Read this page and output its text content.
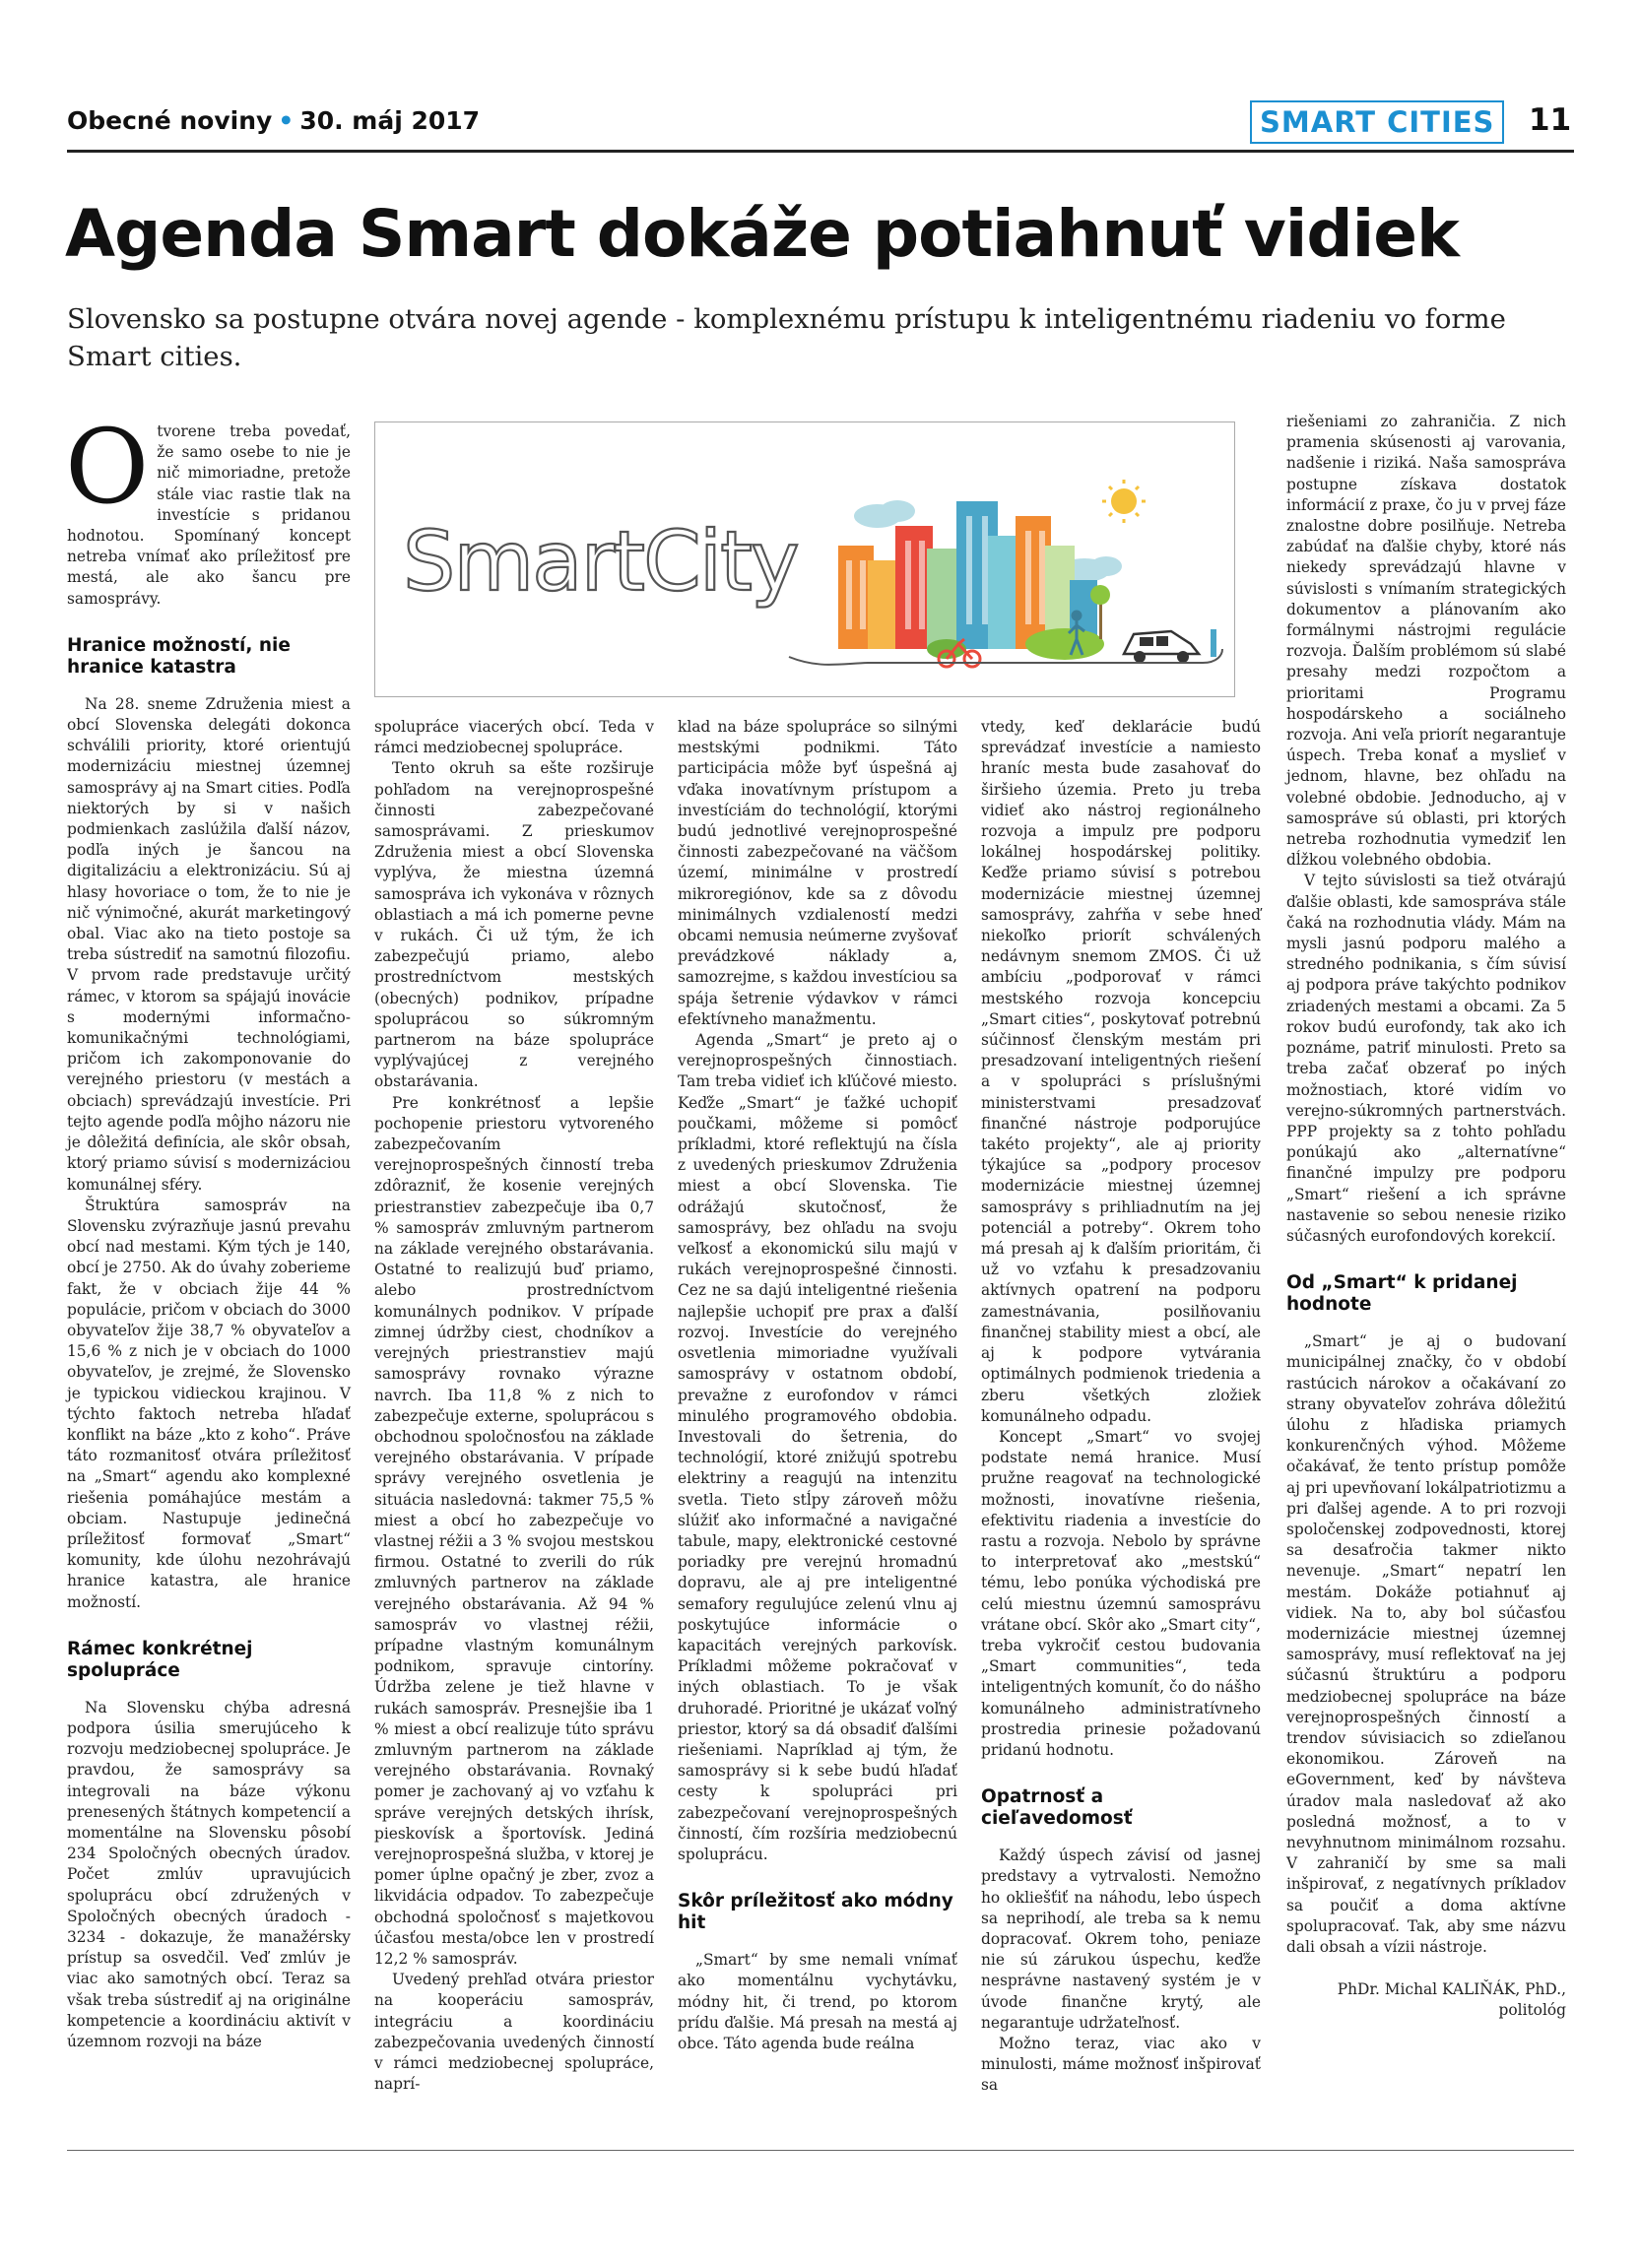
Obecné noviny • 30. máj 2017	SMART CITIES	11
Agenda Smart dokáže potiahnuť vidiek
Slovensko sa postupne otvára novej agende - komplexnému prístupu k inteligentnému riadeniu vo forme Smart cities.
SmartCity

Otvorene treba povedať, že samo osebe to nie je nič mimoriadne, pretože stále viac rastie tlak na investície s pridanou hodnotou. Spomínaný koncept netreba vnímať ako príležitosť pre mestá, ale ako šancu pre samosprávy.

Hranice možností, nie hranice katastra

Na 28. sneme Združenia miest a obcí Slovenska delegáti dokonca schválili priority, ktoré orientujú modernizáciu miestnej územnej samosprávy aj na Smart cities. Podľa niektorých by si v našich podmienkach zaslúžila ďalší názov, podľa iných je šancou na digitalizáciu a elektronizáciu. Sú aj hlasy hovoriace o tom, že to nie je nič výnimočné, akurát marketingový obal. Viac ako na tieto postoje sa treba sústrediť na samotnú filozofiu. V prvom rade predstavuje určitý rámec, v ktorom sa spájajú inovácie s modernými informačno-komunikačnými technológiami, pričom ich zakomponovanie do verejného priestoru (v mestách a obciach) sprevádzajú investície. Pri tejto agende podľa môjho názoru nie je dôležitá definícia, ale skôr obsah, ktorý priamo súvisí s modernizáciou komunálnej sféry.

Štruktúra samospráv na Slovensku zvýrazňuje jasnú prevahu obcí nad mestami. Kým tých je 140, obcí je 2750. Ak do úvahy zoberieme fakt, že v obciach žije 44 % populácie, pričom v obciach do 3000 obyvateľov žije 38,7 % obyvateľov a 15,6 % z nich je v obciach do 1000 obyvateľov, je zrejmé, že Slovensko je typickou vidieckou krajinou. V týchto faktoch netreba hľadať konflikt na báze „kto z koho“. Práve táto rozmanitosť otvára príležitosť na „Smart“ agendu ako komplexné riešenia pomáhajúce mestám a obciam. Nastupuje jedinečná príležitosť formovať „Smart“ komunity, kde úlohu nezohrávajú hranice katastra, ale hranice možností.

Rámec konkrétnej spolupráce

Na Slovensku chýba adresná podpora úsilia smerujúceho k rozvoju medziobecnej spolupráce. Je pravdou, že samosprávy sa integrovali na báze výkonu prenesených štátnych kompetencií a momentálne na Slovensku pôsobí 234 Spoločných obecných úradov. Počet zmlúv upravujúcich spoluprácu obcí združených v Spoločných obecných úradoch - 3234 - dokazuje, že manažérsky prístup sa osvedčil. Veď zmlúv je viac ako samotných obcí. Teraz sa však treba sústrediť aj na originálne kompetencie a koordináciu aktivít v územnom rozvoji na báze

spolupráce viacerých obcí. Teda v rámci medziobecnej spolupráce.

Tento okruh sa ešte rozširuje pohľadom na verejnoprospešné činnosti zabezpečované samosprávami. Z prieskumov Združenia miest a obcí Slovenska vyplýva, že miestna územná samospráva ich vykonáva v rôznych oblastiach a má ich pomerne pevne v rukách. Či už tým, že ich zabezpečujú priamo, alebo prostredníctvom mestských (obecných) podnikov, prípadne spoluprácou so súkromným partnerom na báze spolupráce vyplývajúcej z verejného obstarávania.

Pre konkrétnosť a lepšie pochopenie priestoru vytvoreného zabezpečovaním verejnoprospešných činností treba zdôrazniť, že kosenie verejných priestranstiev zabezpečuje iba 0,7 % samospráv zmluvným partnerom na základe verejného obstarávania. Ostatné to realizujú buď priamo, alebo prostredníctvom komunálnych podnikov. V prípade zimnej údržby ciest, chodníkov a verejných priestranstiev majú samosprávy rovnako výrazne navrch. Iba 11,8 % z nich to zabezpečuje externe, spoluprácou s obchodnou spoločnosťou na základe verejného obstarávania. V prípade správy verejného osvetlenia je situácia nasledovná: takmer 75,5 % miest a obcí ho zabezpečuje vo vlastnej réžii a 3 % svojou mestskou firmou. Ostatné to zverili do rúk zmluvných partnerov na základe verejného obstarávania. Až 94 % samospráv vo vlastnej réžii, prípadne vlastným komunálnym podnikom, spravuje cintoríny. Údržba zelene je tiež hlavne v rukách samospráv. Presnejšie iba 1 % miest a obcí realizuje túto správu zmluvným partnerom na základe verejného obstarávania. Rovnaký pomer je zachovaný aj vo vzťahu k správe verejných detských ihrísk, pieskovísk a športovísk. Jediná verejnoprospešná služba, v ktorej je pomer úplne opačný je zber, zvoz a likvidácia odpadov. To zabezpečuje obchodná spoločnosť s majetkovou účasťou mesta/obce len v prostredí 12,2 % samospráv.

Uvedený prehľad otvára priestor na kooperáciu samospráv, integráciu a koordináciu zabezpečovania uvedených činností v rámci medziobecnej spolupráce, naprí-

klad na báze spolupráce so silnými mestskými podnikmi. Táto participácia môže byť úspešná aj vďaka inovatívnym prístupom a investíciám do technológií, ktorými budú jednotlivé verejnoprospešné činnosti zabezpečované na väčšom území, minimálne v prostredí mikroregiónov, kde sa z dôvodu minimálnych vzdialeností medzi obcami nemusia neúmerne zvyšovať prevádzkové náklady a, samozrejme, s každou investíciou sa spája šetrenie výdavkov v rámci efektívneho manažmentu.

Agenda „Smart“ je preto aj o verejnoprospešných činnostiach. Tam treba vidieť ich kľúčové miesto. Keďže „Smart“ je ťažké uchopiť poučkami, môžeme si pomôcť príkladmi, ktoré reflektujú na čísla z uvedených prieskumov Združenia miest a obcí Slovenska. Tie odrážajú skutočnosť, že samosprávy, bez ohľadu na svoju veľkosť a ekonomickú silu majú v rukách verejnoprospešné činnosti. Cez ne sa dajú inteligentné riešenia najlepšie uchopiť pre prax a ďalší rozvoj. Investície do verejného osvetlenia mimoriadne využívali samosprávy v ostatnom období, prevažne z eurofondov v rámci minulého programového obdobia. Investovali do šetrenia, do technológií, ktoré znižujú spotrebu elektriny a reagujú na intenzitu svetla. Tieto stĺpy zároveň môžu slúžiť ako informačné a navigačné tabule, mapy, elektronické cestovné poriadky pre verejnú hromadnú dopravu, ale aj pre inteligentné semafory regulujúce zelenú vlnu aj poskytujúce informácie o kapacitách verejných parkovísk. Príkladmi môžeme pokračovať v iných oblastiach. To je však druhoradé. Prioritné je ukázať voľný priestor, ktorý sa dá obsadiť ďalšími riešeniami. Napríklad aj tým, že samosprávy si k sebe budú hľadať cesty k spolupráci pri zabezpečovaní verejnoprospešných činností, čím rozšíria medziobecnú spoluprácu.

Skôr príležitosť ako módny hit

„Smart“ by sme nemali vnímať ako momentálnu vychytávku, módny hit, či trend, po ktorom prídu ďalšie. Má presah na mestá aj obce. Táto agenda bude reálna

vtedy, keď deklarácie budú sprevádzať investície a namiesto hraníc mesta bude zasahovať do širšieho územia. Preto ju treba vidieť ako nástroj regionálneho rozvoja a impulz pre podporu lokálnej hospodárskej politiky. Keďže priamo súvisí s potrebou modernizácie miestnej územnej samosprávy, zahŕňa v sebe hneď niekoľko priorít schválených nedávnym snemom ZMOS. Či už ambíciu „podporovať v rámci mestského rozvoja koncepciu „Smart cities“, poskytovať potrebnú súčinnosť členským mestám pri presadzovaní inteligentných riešení a v spolupráci s príslušnými ministerstvami presadzovať finančné nástroje podporujúce takéto projekty“, ale aj priority týkajúce sa „podpory procesov modernizácie miestnej územnej samosprávy s prihliadnutím na jej potenciál a potreby“. Okrem toho má presah aj k ďalším prioritám, či už vo vzťahu k presadzovaniu aktívnych opatrení na podporu zamestnávania, posilňovaniu finančnej stability miest a obcí, ale aj k podpore vytvárania optimálnych podmienok triedenia a zberu všetkých zložiek komunálneho odpadu.

Koncept „Smart“ vo svojej podstate nemá hranice. Musí pružne reagovať na technologické možnosti, inovatívne riešenia, efektivitu riadenia a investície do rastu a rozvoja. Nebolo by správne to interpretovať ako „mestskú“ tému, lebo ponúka východiská pre celú miestnu územnú samosprávu vrátane obcí. Skôr ako „Smart city“, treba vykročiť cestou budovania „Smart communities“, teda inteligentných komunít, čo do nášho komunálneho administratívneho prostredia prinesie požadovanú pridanú hodnotu.

Opatrnosť a cieľavedomosť

Každý úspech závisí od jasnej predstavy a vytrvalosti. Nemožno ho okliešťiť na náhodu, lebo úspech sa neprihodí, ale treba sa k nemu dopracovať. Okrem toho, peniaze nie sú zárukou úspechu, keďže nesprávne nastavený systém je v úvode finančne krytý, ale negarantuje udržateľnosť.

Možno teraz, viac ako v minulosti, máme možnosť inšpirovať sa

riešeniami zo zahraničia. Z nich pramenia skúsenosti aj varovania, nadšenie i riziká. Naša samospráva postupne získava dostatok informácií z praxe, čo ju v prvej fáze znalostne dobre posilňuje. Netreba zabúdať na ďalšie chyby, ktoré nás niekedy sprevádzajú hlavne v súvislosti s vnímaním strategických dokumentov a plánovaním ako formálnymi nástrojmi regulácie rozvoja. Ďalším problémom sú slabé presahy medzi rozpočtom a prioritami Programu hospodárskeho a sociálneho rozvoja. Ani veľa priorít negarantuje úspech. Treba konať a myslieť v jednom, hlavne, bez ohľadu na volebné obdobie. Jednoducho, aj v samospráve sú oblasti, pri ktorých netreba rozhodnutia vymedziť len dĺžkou volebného obdobia.

V tejto súvislosti sa tiež otvárajú ďalšie oblasti, kde samospráva stále čaká na rozhodnutia vlády. Mám na mysli jasnú podporu malého a stredného podnikania, s čím súvisí aj podpora práve takýchto podnikov zriadených mestami a obcami. Za 5 rokov budú eurofondy, tak ako ich poznáme, patriť minulosti. Preto sa treba začať obzerať po iných možnostiach, ktoré vidím vo verejno-súkromných partnerstvách. PPP projekty sa z tohto pohľadu ponúkajú ako „alternatívne“ finančné impulzy pre podporu „Smart“ riešení a ich správne nastavenie so sebou nenesie riziko súčasných eurofondových korekcií.

Od „Smart“ k pridanej hodnote

„Smart“ je aj o budovaní municipálnej značky, čo v období rastúcich nárokov a očakávaní zo strany obyvateľov zohráva dôležitú úlohu z hľadiska priamych konkurenčných výhod. Môžeme očakávať, že tento prístup pomôže aj pri upevňovaní lokálpatriotizmu a pri ďalšej agende. A to pri rozvoji spoločenskej zodpovednosti, ktorej sa desaťročia takmer nikto nevenuje. „Smart“ nepatrí len mestám. Dokáže potiahnuť aj vidiek. Na to, aby bol súčasťou modernizácie miestnej územnej samosprávy, musí reflektovať na jej súčasnú štruktúru a podporu medziobecnej spolupráce na báze verejnoprospešných činností a trendov súvisiacich so zdieľanou ekonomikou. Zároveň na eGovernment, keď by návšteva úradov mala nasledovať až ako posledná možnosť, a to v nevyhnutnom minimálnom rozsahu. V zahraničí by sme sa mali inšpirovať, z negatívnych príkladov sa poučiť a doma aktívne spolupracovať. Tak, aby sme názvu dali obsah a vízii nástroje.

PhDr. Michal KALIŇÁK, PhD.,
politológ
